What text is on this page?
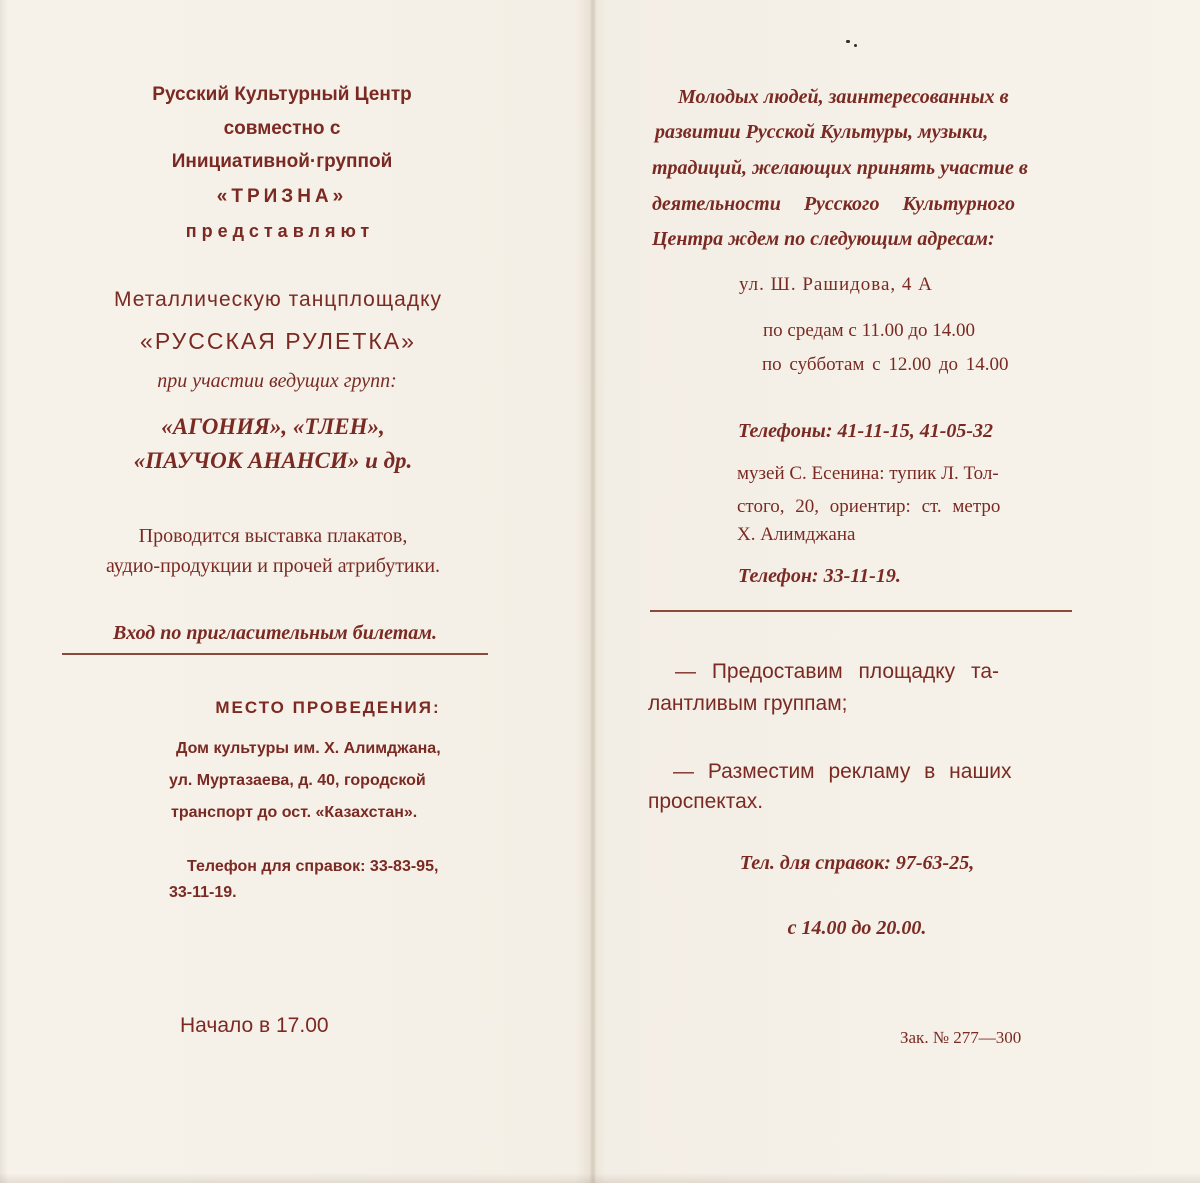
Русский Культурный Центр
совместно с
Инициативной·группой
«ТРИЗНА»
представляют
Металлическую танцплощадку
«РУССКАЯ РУЛЕТКА»
при участии ведущих групп:
«АГОНИЯ», «ТЛЕН»,
«ПАУЧОК АНАНСИ» и др.
Проводится выставка плакатов,
аудио-продукции и прочей атрибутики.
Вход по пригласительным билетам.
МЕСТО ПРОВЕДЕНИЯ:
Дом культуры им. Х. Алимджана,
ул. Муртазаева, д. 40, городской
транспорт до ост. «Казахстан».
Телефон для справок: 33-83-95,
33-11-19.
Начало в 17.00
Молодых людей, заинтересованных в
развитии Русской Культуры, музыки,
традиций, желающих принять участие в
деятельности Русского Культурного
Центра ждем по следующим адресам:
ул. Ш. Рашидова, 4 А
по средам с 11.00 до 14.00
по субботам с 12.00 до 14.00
Телефоны: 41-11-15, 41-05-32
музей С. Есенина: тупик Л. Тол-
стого, 20, ориентир: ст. метро
Х. Алимджана
Телефон: 33-11-19.
— Предоставим площадку та-
лантливым группам;
— Разместим рекламу в наших
проспектах.
Тел. для справок: 97-63-25,
с 14.00 до 20.00.
Зак. № 277—300
